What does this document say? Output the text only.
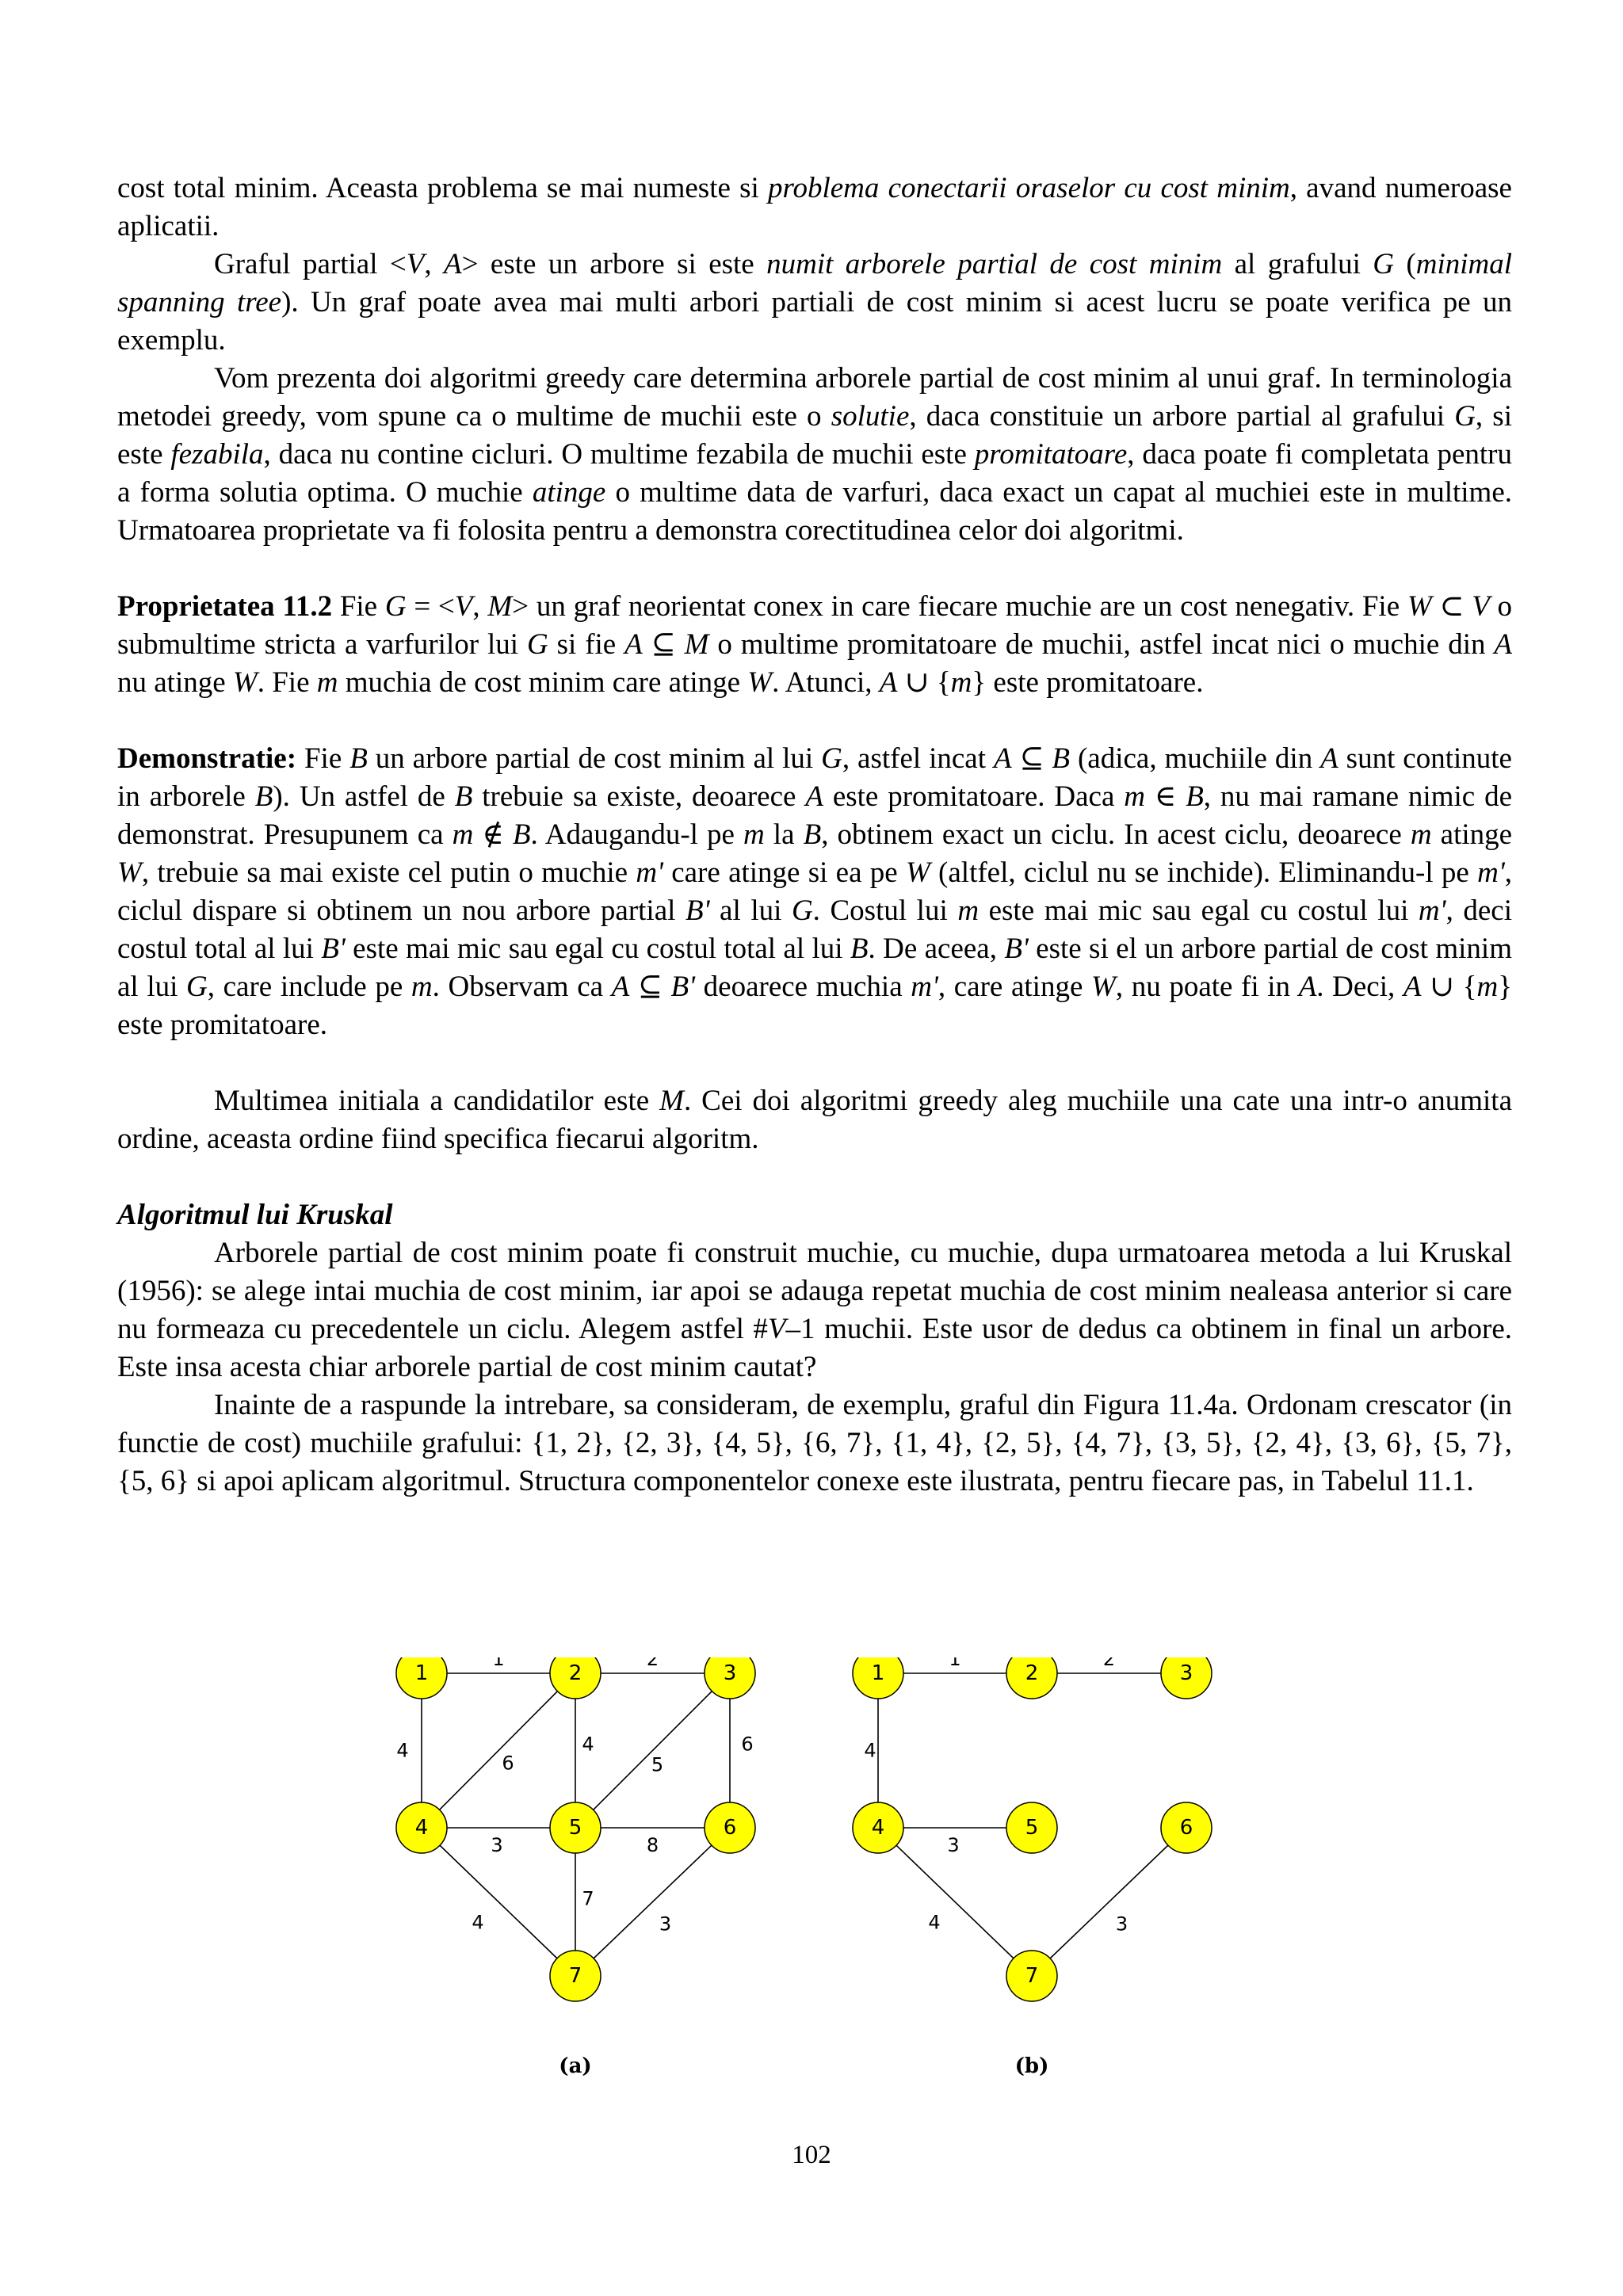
cost total minim. Aceasta problema se mai numeste si problema conectarii oraselor cu cost minim, avand numeroase aplicatii.

Graful partial <V, A> este un arbore si este numit arborele partial de cost minim al grafului G (minimal spanning tree). Un graf poate avea mai multi arbori partiali de cost minim si acest lucru se poate verifica pe un exemplu.

Vom prezenta doi algoritmi greedy care determina arborele partial de cost minim al unui graf. In terminologia metodei greedy, vom spune ca o multime de muchii este o solutie, daca constituie un arbore partial al grafului G, si este fezabila, daca nu contine cicluri. O multime fezabila de muchii este promitatoare, daca poate fi completata pentru a forma solutia optima. O muchie atinge o multime data de varfuri, daca exact un capat al muchiei este in multime. Urmatoarea proprietate va fi folosita pentru a demonstra corectitudinea celor doi algoritmi.

Proprietatea 11.2 Fie G = <V, M> un graf neorientat conex in care fiecare muchie are un cost nenegativ. Fie W ⊂ V o submultime stricta a varfurilor lui G si fie A ⊆ M o multime promitatoare de muchii, astfel incat nici o muchie din A nu atinge W. Fie m muchia de cost minim care atinge W. Atunci, A ∪ {m} este promitatoare.

Demonstratie: Fie B un arbore partial de cost minim al lui G, astfel incat A ⊆ B (adica, muchiile din A sunt continute in arborele B). Un astfel de B trebuie sa existe, deoarece A este promitatoare. Daca m ∈ B, nu mai ramane nimic de demonstrat. Presupunem ca m ∉ B. Adaugandu-l pe m la B, obtinem exact un ciclu. In acest ciclu, deoarece m atinge W, trebuie sa mai existe cel putin o muchie m' care atinge si ea pe W (altfel, ciclul nu se inchide). Eliminandu-l pe m', ciclul dispare si obtinem un nou arbore partial B' al lui G. Costul lui m este mai mic sau egal cu costul lui m', deci costul total al lui B' este mai mic sau egal cu costul total al lui B. De aceea, B' este si el un arbore partial de cost minim al lui G, care include pe m. Observam ca A ⊆ B' deoarece muchia m', care atinge W, nu poate fi in A. Deci, A ∪ {m} este promitatoare.

Multimea initiala a candidatilor este M. Cei doi algoritmi greedy aleg muchiile una cate una intr-o anumita ordine, aceasta ordine fiind specifica fiecarui algoritm.

Algoritmul lui Kruskal

Arborele partial de cost minim poate fi construit muchie, cu muchie, dupa urmatoarea metoda a lui Kruskal (1956): se alege intai muchia de cost minim, iar apoi se adauga repetat muchia de cost minim nealeasa anterior si care nu formeaza cu precedentele un ciclu. Alegem astfel #V–1 muchii. Este usor de dedus ca obtinem in final un arbore. Este insa acesta chiar arborele partial de cost minim cautat?

Inainte de a raspunde la intrebare, sa consideram, de exemplu, graful din Figura 11.4a. Ordonam crescator (in functie de cost) muchiile grafului: {1, 2}, {2, 3}, {4, 5}, {6, 7}, {1, 4}, {2, 5}, {4, 7}, {3, 5}, {2, 4}, {3, 6}, {5, 7}, {5, 6} si apoi aplicam algoritmul. Structura componentelor conexe este ilustrata, pentru fiecare pas, in Tabelul 11.1.

1	2
4
6
4
5
6
3	8
4
7
3
1	2	3
4	5	6
7
1	2
4
3
4	3
1	2	3
4	5	6
7
(a)	(b)
102
